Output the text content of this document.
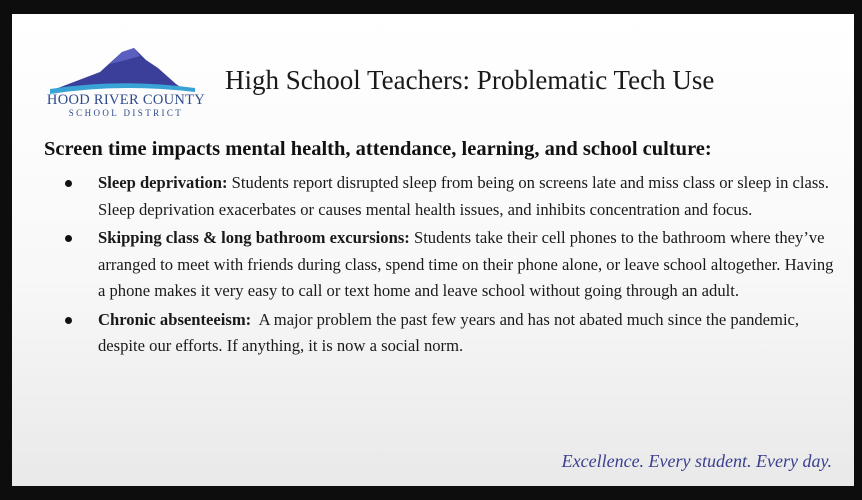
HOOD RIVER COUNTY
SCHOOL DISTRICT
High School Teachers: Problematic Tech Use
Screen time impacts mental health, attendance, learning, and school culture:
Sleep deprivation: Students report disrupted sleep from being on screens late and miss class or sleep in class. Sleep deprivation exacerbates or causes mental health issues, and inhibits concentration and focus.
Skipping class & long bathroom excursions: Students take their cell phones to the bathroom where they’ve arranged to meet with friends during class, spend time on their phone alone, or leave school altogether. Having a phone makes it very easy to call or text home and leave school without going through an adult.
Chronic absenteeism:  A major problem the past few years and has not abated much since the pandemic, despite our efforts. If anything, it is now a social norm.
Excellence. Every student. Every day.
